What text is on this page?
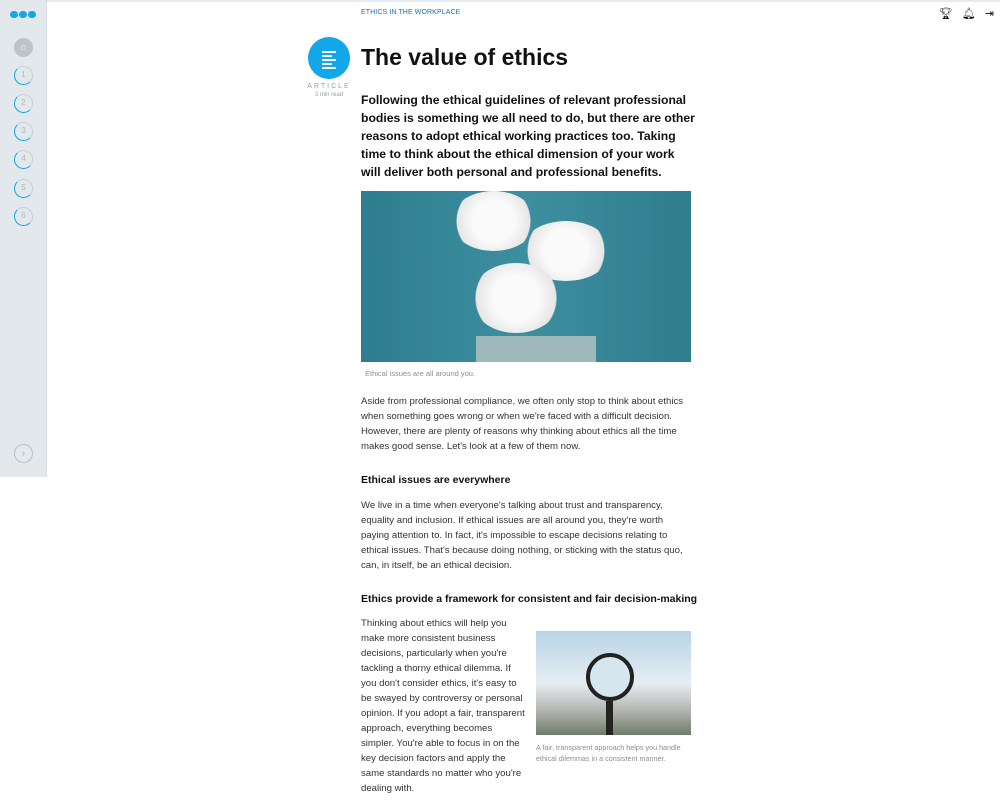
⌂
1
2
3
4
5
6
›
🏆︎ 🔔︎ ⇥
ETHICS IN THE WORKPLACE
ARTICLE
3 min read
The value of ethics

Following the ethical guidelines of relevant professional bodies is something we all need to do, but there are other reasons to adopt ethical working practices too. Taking time to think about the ethical dimension of your work will deliver both personal and professional benefits.

Ethical issues are all around you.

Aside from professional compliance, we often only stop to think about ethics when something goes wrong or when we're faced with a difficult decision. However, there are plenty of reasons why thinking about ethics all the time makes good sense. Let's look at a few of them now.

Ethical issues are everywhere

We live in a time when everyone's talking about trust and transparency, equality and inclusion. If ethical issues are all around you, they're worth paying attention to. In fact, it's impossible to escape decisions relating to ethical issues. That's because doing nothing, or sticking with the status quo, can, in itself, be an ethical decision.

Ethics provide a framework for consistent and fair decision-making

Thinking about ethics will help you make more consistent business decisions, particularly when you're tackling a thorny ethical dilemma. If you don't consider ethics, it's easy to be swayed by controversy or personal opinion. If you adopt a fair, transparent approach, everything becomes simpler. You're able to focus in on the key decision factors and apply the same standards no matter who you're dealing with.

A fair, transparent approach helps you handle ethical dilemmas in a consistent manner.
